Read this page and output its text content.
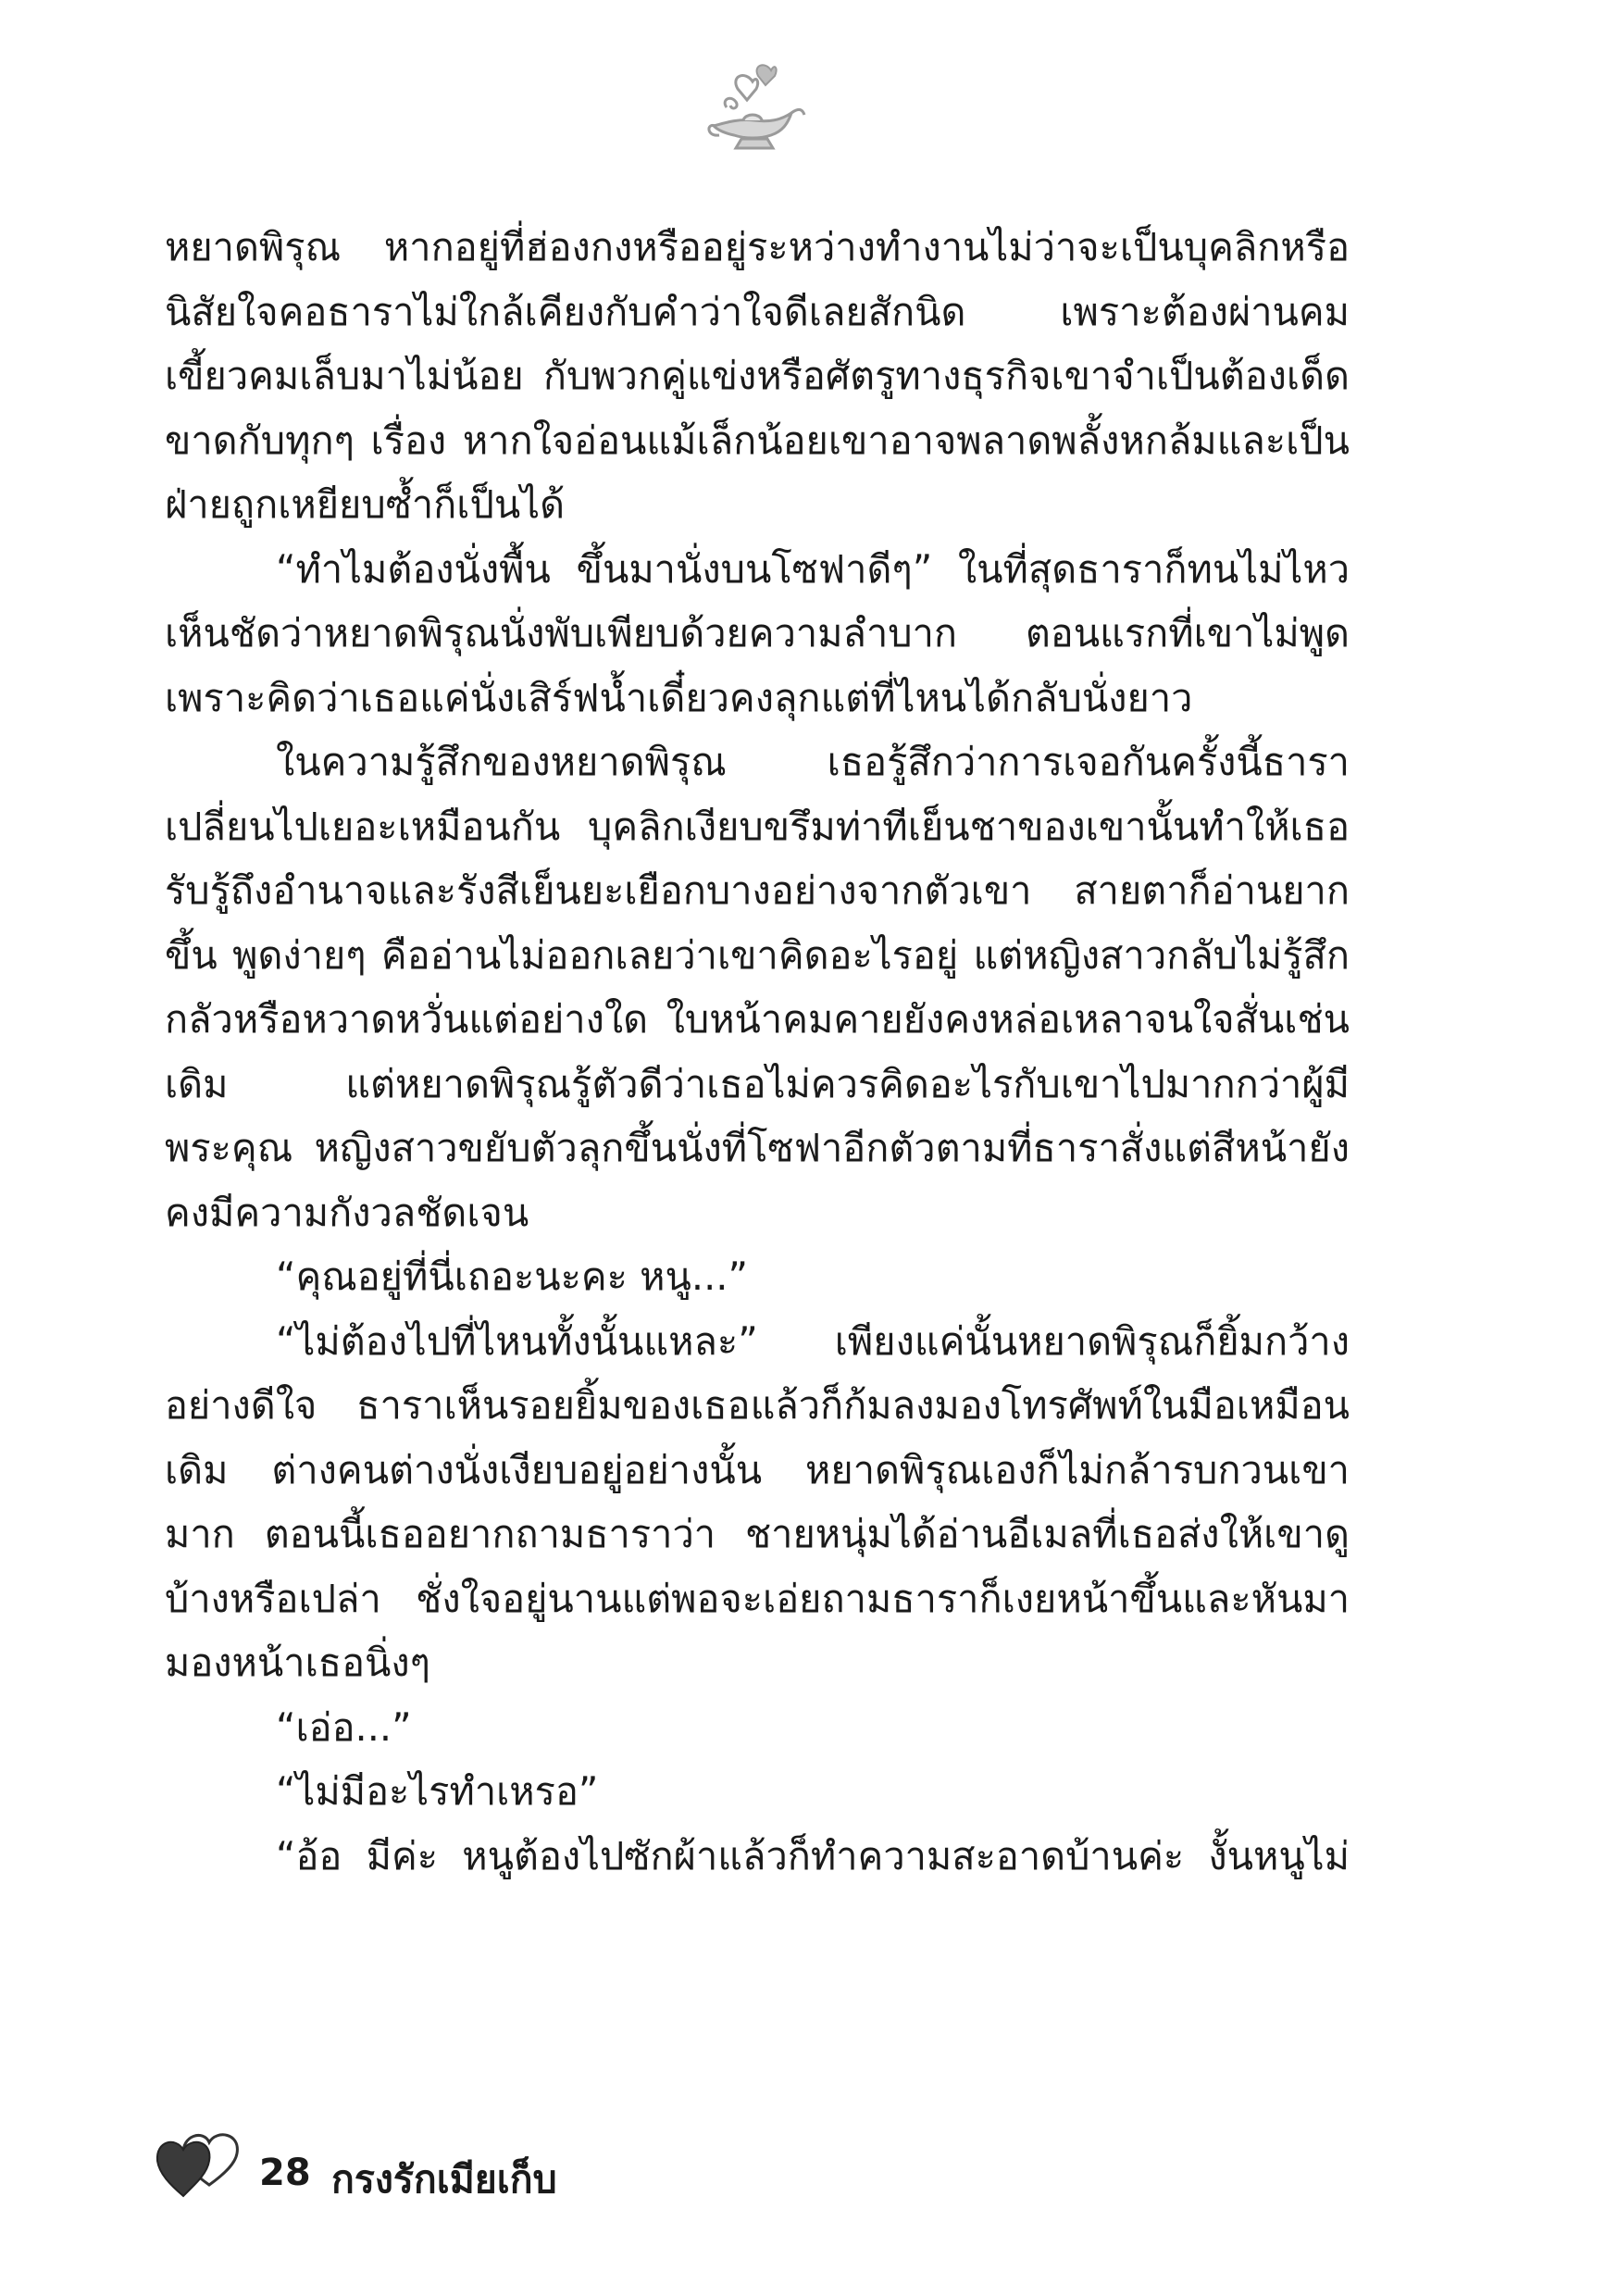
หยาดพิรุณ หากอยู่ที่ฮ่องกงหรืออยู่ระหว่างทำงานไม่ว่าจะเป็นบุคลิกหรือนิสัยใจคอธาราไม่ใกล้เคียงกับคำว่าใจดีเลยสักนิด เพราะต้องผ่านคมเขี้ยวคมเล็บมาไม่น้อย กับพวกคู่แข่งหรือศัตรูทางธุรกิจเขาจำเป็นต้องเด็ดขาดกับทุกๆ เรื่อง หากใจอ่อนแม้เล็กน้อยเขาอาจพลาดพลั้งหกล้มและเป็นฝ่ายถูกเหยียบซ้ำก็เป็นได้

“ทำไมต้องนั่งพื้น ขึ้นมานั่งบนโซฟาดีๆ” ในที่สุดธาราก็ทนไม่ไหว เห็นชัดว่าหยาดพิรุณนั่งพับเพียบด้วยความลำบาก ตอนแรกที่เขาไม่พูดเพราะคิดว่าเธอแค่นั่งเสิร์ฟน้ำเดี๋ยวคงลุกแต่ที่ไหนได้กลับนั่งยาว

ในความรู้สึกของหยาดพิรุณ เธอรู้สึกว่าการเจอกันครั้งนี้ธาราเปลี่ยนไปเยอะเหมือนกัน บุคลิกเงียบขรึมท่าทีเย็นชาของเขานั้นทำให้เธอรับรู้ถึงอำนาจและรังสีเย็นยะเยือกบางอย่างจากตัวเขา สายตาก็อ่านยากขึ้น พูดง่ายๆ คืออ่านไม่ออกเลยว่าเขาคิดอะไรอยู่ แต่หญิงสาวกลับไม่รู้สึกกลัวหรือหวาดหวั่นแต่อย่างใด ใบหน้าคมคายยังคงหล่อเหลาจนใจสั่นเช่นเดิม แต่หยาดพิรุณรู้ตัวดีว่าเธอไม่ควรคิดอะไรกับเขาไปมากกว่าผู้มีพระคุณ หญิงสาวขยับตัวลุกขึ้นนั่งที่โซฟาอีกตัวตามที่ธาราสั่งแต่สีหน้ายังคงมีความกังวลชัดเจน

“คุณอยู่ที่นี่เถอะนะคะ หนู...”

“ไม่ต้องไปที่ไหนทั้งนั้นแหละ” เพียงแค่นั้นหยาดพิรุณก็ยิ้มกว้างอย่างดีใจ ธาราเห็นรอยยิ้มของเธอแล้วก็ก้มลงมองโทรศัพท์ในมือเหมือนเดิม ต่างคนต่างนั่งเงียบอยู่อย่างนั้น หยาดพิรุณเองก็ไม่กล้ารบกวนเขามาก ตอนนี้เธออยากถามธาราว่า ชายหนุ่มได้อ่านอีเมลที่เธอส่งให้เขาดูบ้างหรือเปล่า ชั่งใจอยู่นานแต่พอจะเอ่ยถามธาราก็เงยหน้าขึ้นและหันมามองหน้าเธอนิ่งๆ

“เอ่อ...”

“ไม่มีอะไรทำเหรอ”

“อ้อ มีค่ะ หนูต้องไปซักผ้าแล้วก็ทำความสะอาดบ้านค่ะ งั้นหนูไม่

28 กรงรักเมียเก็บ
